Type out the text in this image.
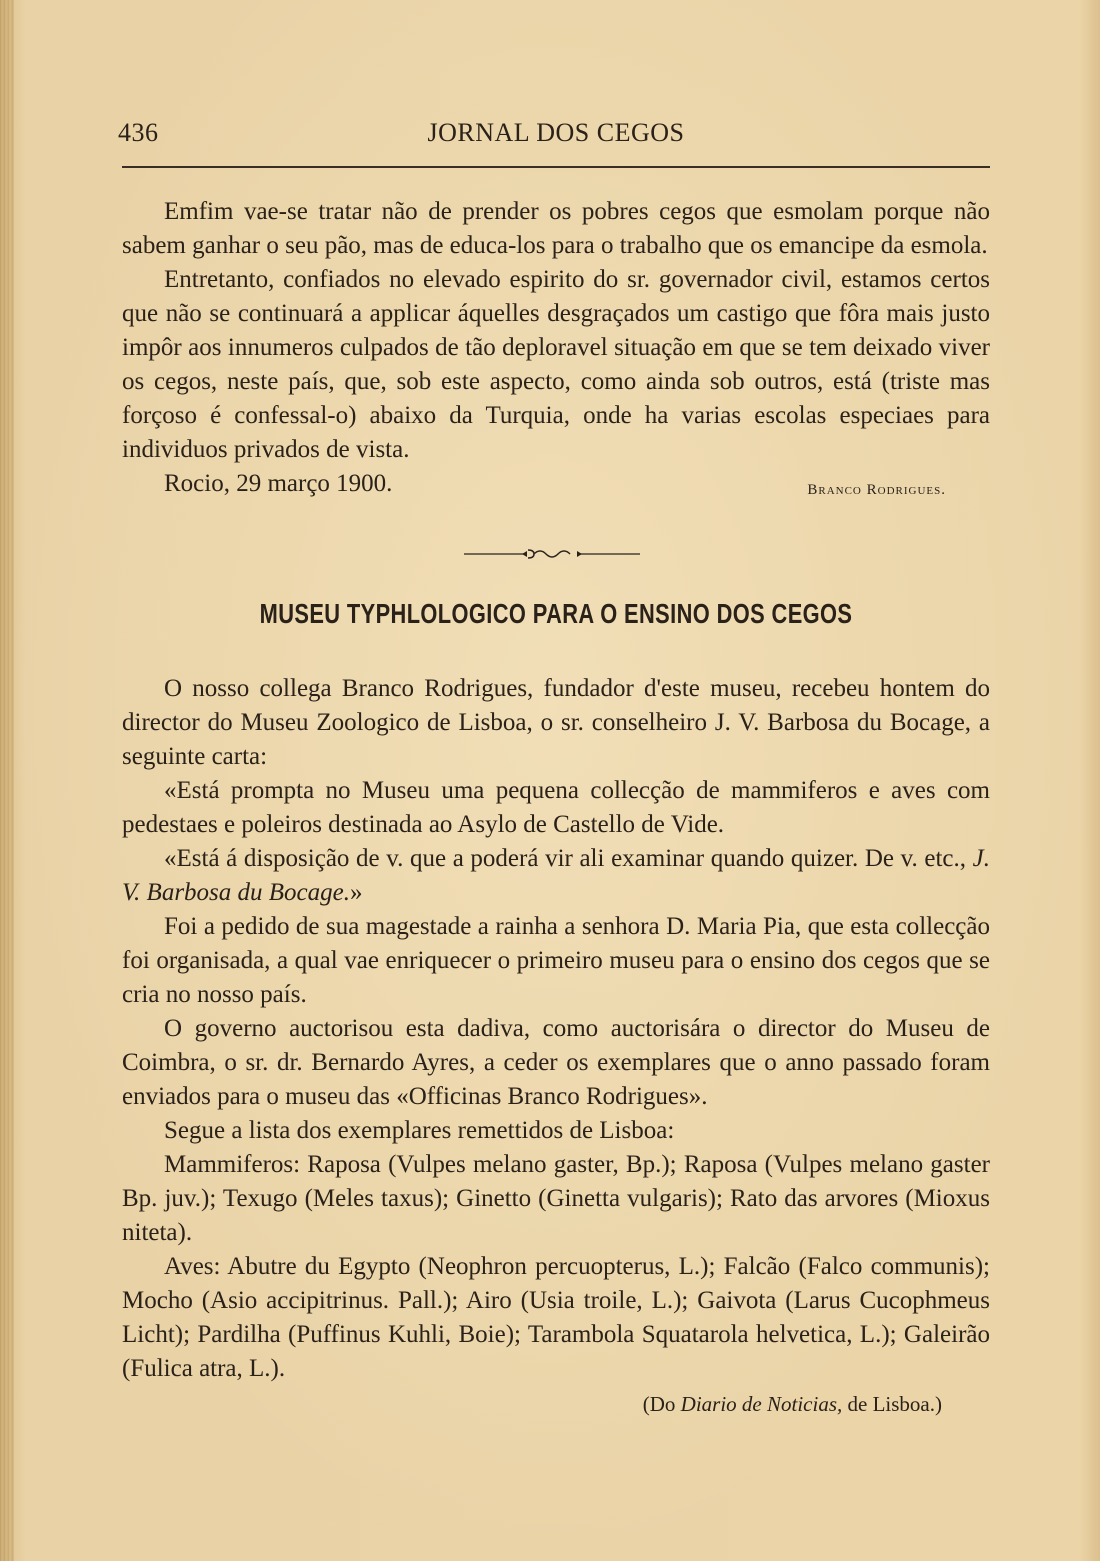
436	JORNAL DOS CEGOS

Emfim vae-se tratar não de prender os pobres cegos que esmolam porque não sabem ganhar o seu pão, mas de educa-los para o trabalho que os emancipe da esmola.

Entretanto, confiados no elevado espirito do sr. governador civil, estamos certos que não se continuará a applicar áquelles desgraçados um castigo que fôra mais justo impôr aos innumeros culpados de tão deploravel situação em que se tem deixado viver os cegos, neste país, que, sob este aspecto, como ainda sob outros, está (triste mas forçoso é confessal-o) abaixo da Turquia, onde ha varias escolas especiaes para individuos privados de vista.

Rocio, 29 março 1900.	Branco Rodrigues.
MUSEU TYPHLOLOGICO PARA O ENSINO DOS CEGOS

O nosso collega Branco Rodrigues, fundador d'este museu, recebeu hontem do director do Museu Zoologico de Lisboa, o sr. conselheiro J. V. Barbosa du Bocage, a seguinte carta:

«Está prompta no Museu uma pequena collecção de mammiferos e aves com pedestaes e poleiros destinada ao Asylo de Castello de Vide.

«Está á disposição de v. que a poderá vir ali examinar quando quizer. De v. etc., J. V. Barbosa du Bocage.»

Foi a pedido de sua magestade a rainha a senhora D. Maria Pia, que esta collecção foi organisada, a qual vae enriquecer o primeiro museu para o ensino dos cegos que se cria no nosso país.

O governo auctorisou esta dadiva, como auctorisára o director do Museu de Coimbra, o sr. dr. Bernardo Ayres, a ceder os exemplares que o anno passado foram enviados para o museu das «Officinas Branco Rodrigues».

Segue a lista dos exemplares remettidos de Lisboa:

Mammiferos: Raposa (Vulpes melano gaster, Bp.); Raposa (Vulpes melano gaster Bp. juv.); Texugo (Meles taxus); Ginetto (Ginetta vulgaris); Rato das arvores (Mioxus niteta).

Aves: Abutre du Egypto (Neophron percuopterus, L.); Falcão (Falco communis); Mocho (Asio accipitrinus. Pall.); Airo (Usia troile, L.); Gaivota (Larus Cucophmeus Licht); Pardilha (Puffinus Kuhli, Boie); Tarambola Squatarola helvetica, L.); Galeirão (Fulica atra, L.).

(Do Diario de Noticias, de Lisboa.)
